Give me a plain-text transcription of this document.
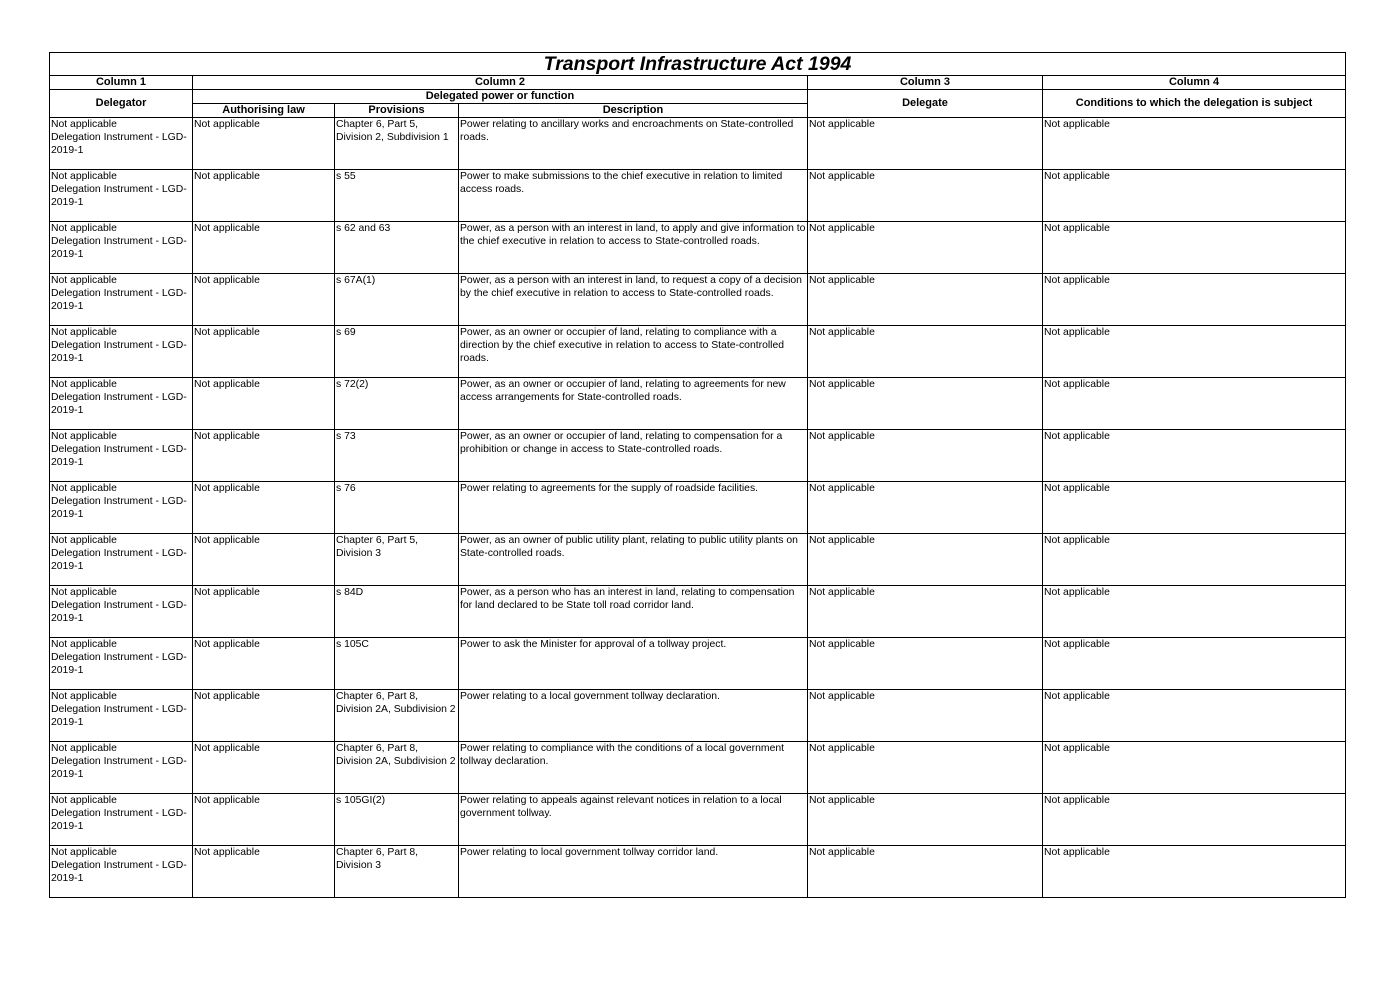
Transport Infrastructure Act 1994					
Column 1	Column 2			Column 3	Column 4
Delegator	Delegated power or function			Delegate	Conditions to which the delegation is subject
	Authorising law	Provisions	Description		

Not applicable
Delegation Instrument - LGD-2019-1	Not applicable	Chapter 6, Part 5, Division 2, Subdivision 1	Power relating to ancillary works and encroachments on State-controlled roads.	Not applicable	Not applicable

Not applicable
Delegation Instrument - LGD-2019-1	Not applicable	s 55	Power to make submissions to the chief executive in relation to limited access roads.	Not applicable	Not applicable

Not applicable
Delegation Instrument - LGD-2019-1	Not applicable	s 62 and 63	Power, as a person with an interest in land, to apply and give information to the chief executive in relation to access to State-controlled roads.	Not applicable	Not applicable

Not applicable
Delegation Instrument - LGD-2019-1	Not applicable	s 67A(1)	Power, as a person with an interest in land, to request a copy of a decision by the chief executive in relation to access to State-controlled roads.	Not applicable	Not applicable

Not applicable
Delegation Instrument - LGD-2019-1	Not applicable	s 69	Power, as an owner or occupier of land, relating to compliance with a direction by the chief executive in relation to access to State-controlled roads.	Not applicable	Not applicable

Not applicable
Delegation Instrument - LGD-2019-1	Not applicable	s 72(2)	Power, as an owner or occupier of land, relating to agreements for new access arrangements for State-controlled roads.	Not applicable	Not applicable

Not applicable
Delegation Instrument - LGD-2019-1	Not applicable	s 73	Power, as an owner or occupier of land, relating to compensation for a prohibition or change in access to State-controlled roads.	Not applicable	Not applicable

Not applicable
Delegation Instrument - LGD-2019-1	Not applicable	s 76	Power relating to agreements for the supply of roadside facilities.	Not applicable	Not applicable

Not applicable
Delegation Instrument - LGD-2019-1	Not applicable	Chapter 6, Part 5, Division 3	Power, as an owner of public utility plant, relating to public utility plants on State-controlled roads.	Not applicable	Not applicable

Not applicable
Delegation Instrument - LGD-2019-1	Not applicable	s 84D	Power, as a person who has an interest in land, relating to compensation for land declared to be State toll road corridor land.	Not applicable	Not applicable

Not applicable
Delegation Instrument - LGD-2019-1	Not applicable	s 105C	Power to ask the Minister for approval of a tollway project.	Not applicable	Not applicable

Not applicable
Delegation Instrument - LGD-2019-1	Not applicable	Chapter 6, Part 8, Division 2A, Subdivision 2	Power relating to a local government tollway declaration.	Not applicable	Not applicable

Not applicable
Delegation Instrument - LGD-2019-1	Not applicable	Chapter 6, Part 8, Division 2A, Subdivision 2	Power relating to compliance with the conditions of a local government tollway declaration.	Not applicable	Not applicable

Not applicable
Delegation Instrument - LGD-2019-1	Not applicable	s 105GI(2)	Power relating to appeals against relevant notices in relation to a local government tollway.	Not applicable	Not applicable

Not applicable
Delegation Instrument - LGD-2019-1	Not applicable	Chapter 6, Part 8, Division 3	Power relating to local government tollway corridor land.	Not applicable	Not applicable
